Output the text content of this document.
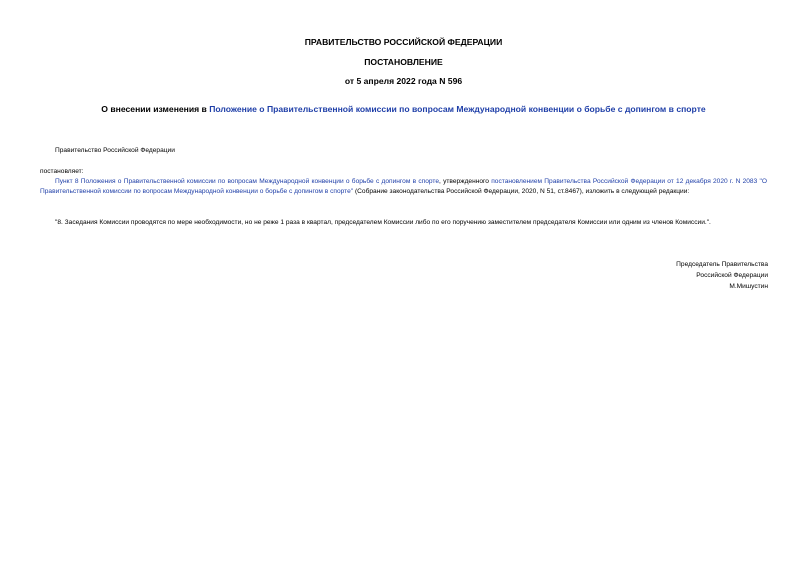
ПРАВИТЕЛЬСТВО РОССИЙСКОЙ ФЕДЕРАЦИИ
ПОСТАНОВЛЕНИЕ
от 5 апреля 2022 года N 596
О внесении изменения в Положение о Правительственной комиссии по вопросам Международной конвенции о борьбе с допингом в спорте
Правительство Российской Федерации
постановляет:
Пункт 8 Положения о Правительственной комиссии по вопросам Международной конвенции о борьбе с допингом в спорте, утвержденного постановлением Правительства Российской Федерации от 12 декабря 2020 г. N 2083 "О Правительственной комиссии по вопросам Международной конвенции о борьбе с допингом в спорте" (Собрание законодательства Российской Федерации, 2020, N 51, ст.8467), изложить в следующей редакции:
"8. Заседания Комиссии проводятся по мере необходимости, но не реже 1 раза в квартал, председателем Комиссии либо по его поручению заместителем председателя Комиссии или одним из членов Комиссии.".
Председатель Правительства
Российской Федерации
М.Мишустин
